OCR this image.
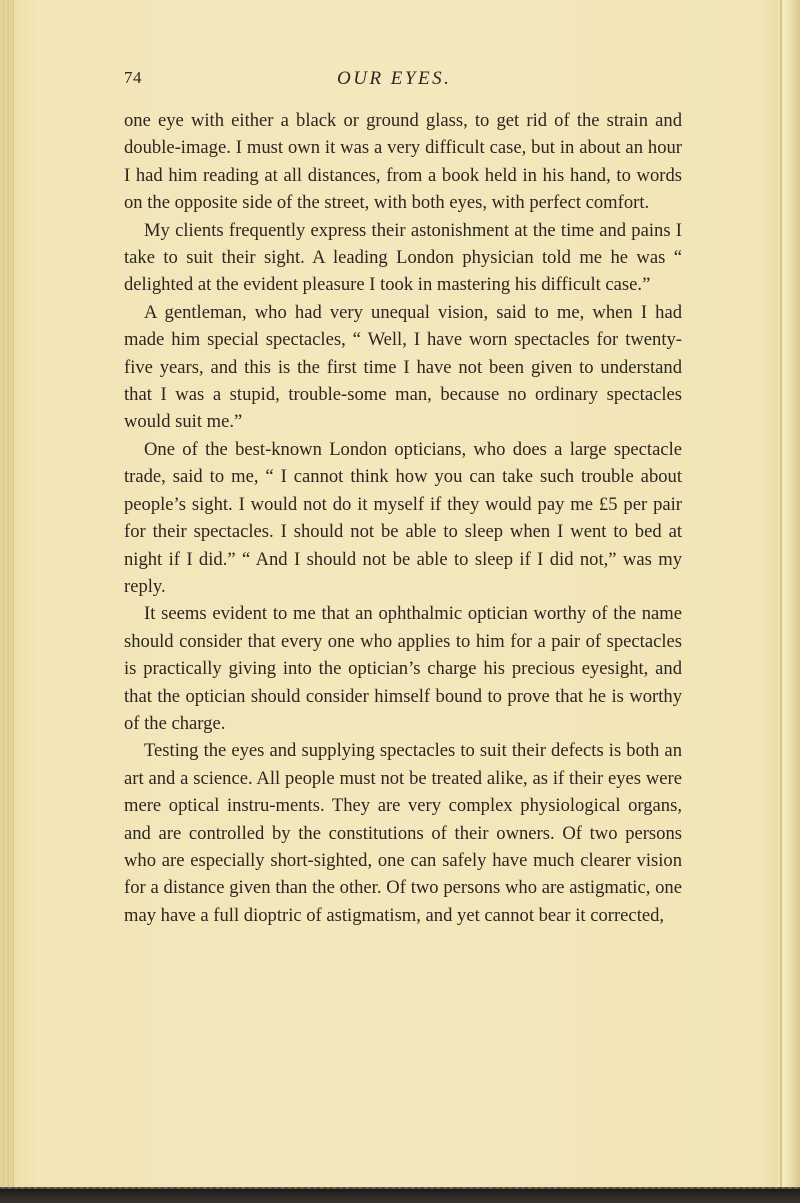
74	OUR EYES.

one eye with either a black or ground glass, to get rid of the strain and double-image. I must own it was a very difficult case, but in about an hour I had him reading at all distances, from a book held in his hand, to words on the opposite side of the street, with both eyes, with perfect comfort.

My clients frequently express their astonishment at the time and pains I take to suit their sight. A leading London physician told me he was “ delighted at the evident pleasure I took in mastering his difficult case.”

A gentleman, who had very unequal vision, said to me, when I had made him special spectacles, “ Well, I have worn spectacles for twenty-five years, and this is the first time I have not been given to understand that I was a stupid, trouble-some man, because no ordinary spectacles would suit me.”

One of the best-known London opticians, who does a large spectacle trade, said to me, “ I cannot think how you can take such trouble about people’s sight. I would not do it myself if they would pay me £5 per pair for their spectacles. I should not be able to sleep when I went to bed at night if I did.” “ And I should not be able to sleep if I did not,” was my reply.

It seems evident to me that an ophthalmic optician worthy of the name should consider that every one who applies to him for a pair of spectacles is practically giving into the optician’s charge his precious eyesight, and that the optician should consider himself bound to prove that he is worthy of the charge.

Testing the eyes and supplying spectacles to suit their defects is both an art and a science. All people must not be treated alike, as if their eyes were mere optical instru-ments. They are very complex physiological organs, and are controlled by the constitutions of their owners. Of two persons who are especially short-sighted, one can safely have much clearer vision for a distance given than the other. Of two persons who are astigmatic, one may have a full dioptric of astigmatism, and yet cannot bear it corrected,
